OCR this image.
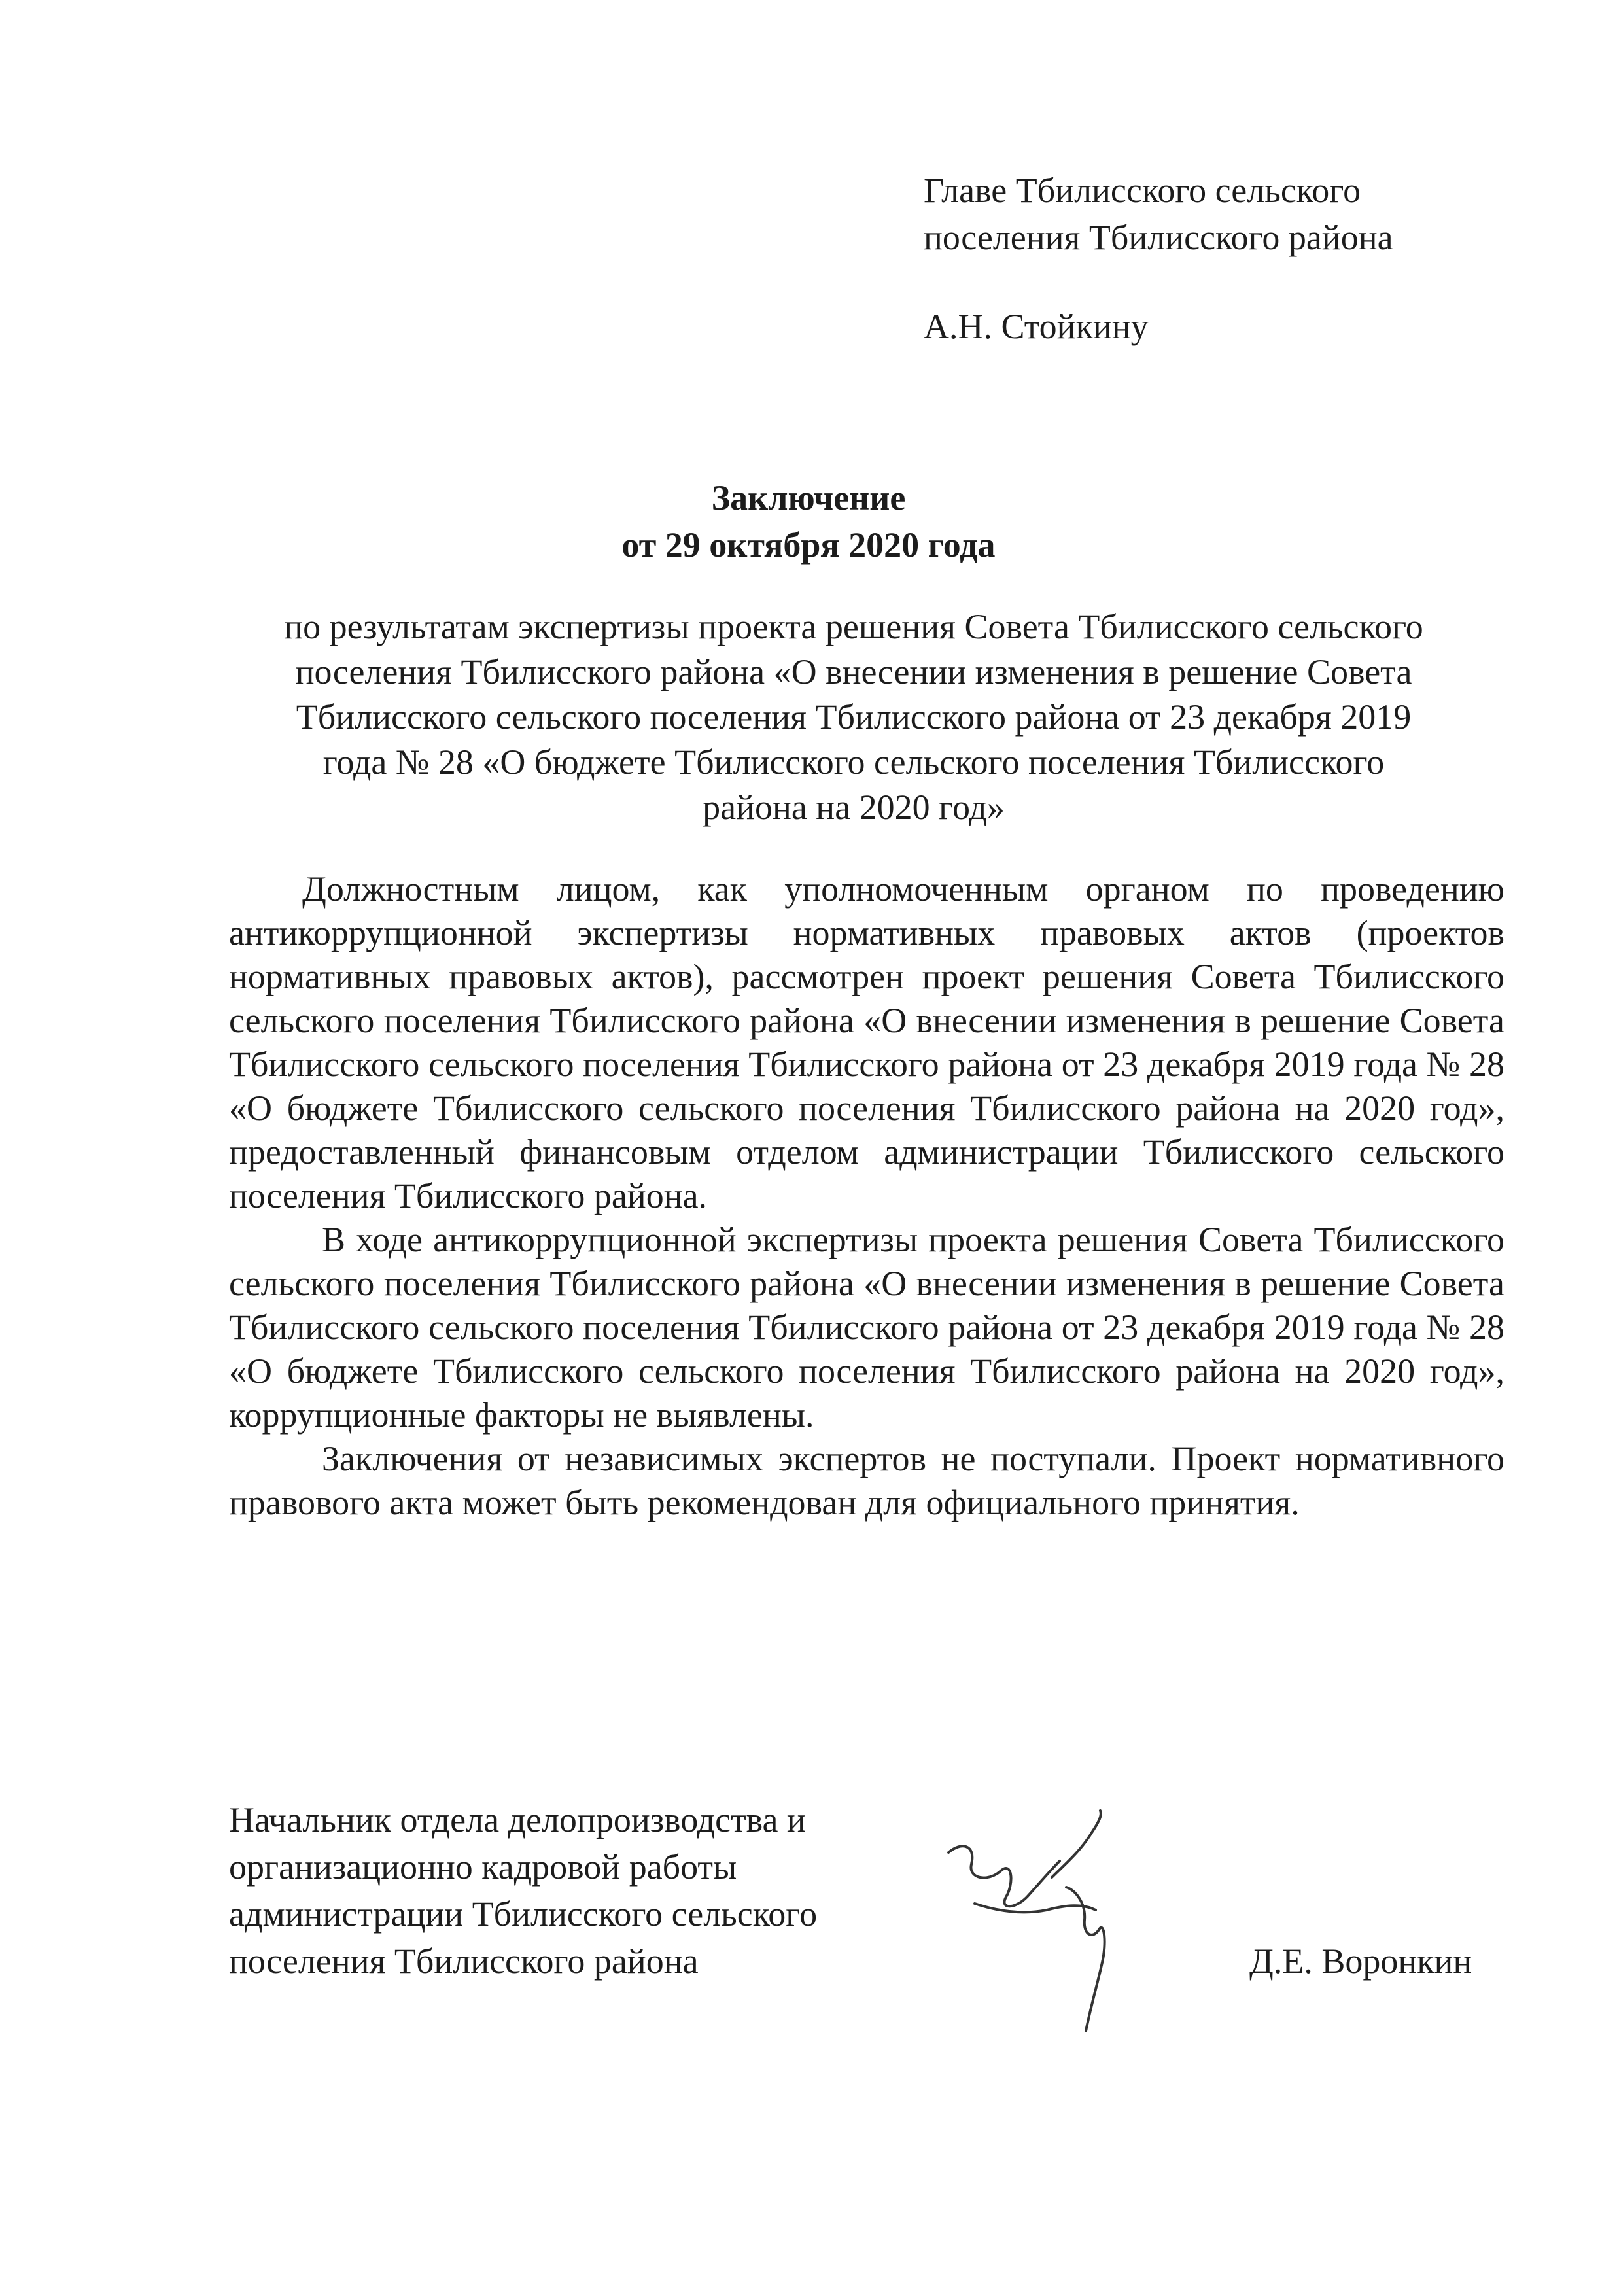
Главе Тбилисского сельского
поселения Тбилисского района
А.Н. Стойкину
Заключение
от 29 октября 2020 года
по результатам экспертизы проекта решения Совета Тбилисского сельского
поселения Тбилисского района «О внесении изменения в решение Совета
Тбилисского сельского поселения Тбилисского района от 23 декабря 2019
года № 28 «О бюджете Тбилисского сельского поселения Тбилисского
района на 2020 год»

Должностным лицом, как уполномоченным органом по проведению антикоррупционной экспертизы нормативных правовых актов (проектов нормативных правовых актов), рассмотрен проект решения Совета Тбилисского сельского поселения Тбилисского района «О внесении изменения в решение Совета Тбилисского сельского поселения Тбилисского района от 23 декабря 2019 года № 28 «О бюджете Тбилисского сельского поселения Тбилисского района на 2020 год», предоставленный финансовым отделом администрации Тбилисского сельского поселения Тбилисского района.

В ходе антикоррупционной экспертизы проекта решения Совета Тбилисского сельского поселения Тбилисского района «О внесении изменения в решение Совета Тбилисского сельского поселения Тбилисского района от 23 декабря 2019 года № 28 «О бюджете Тбилисского сельского поселения Тбилисского района на 2020 год», коррупционные факторы не выявлены.

Заключения от независимых экспертов не поступали. Проект нормативного правового акта может быть рекомендован для официального принятия.

Начальник отдела делопроизводства и
организационно кадровой работы
администрации Тбилисского сельского
поселения Тбилисского района	Д.Е. Воронкин
